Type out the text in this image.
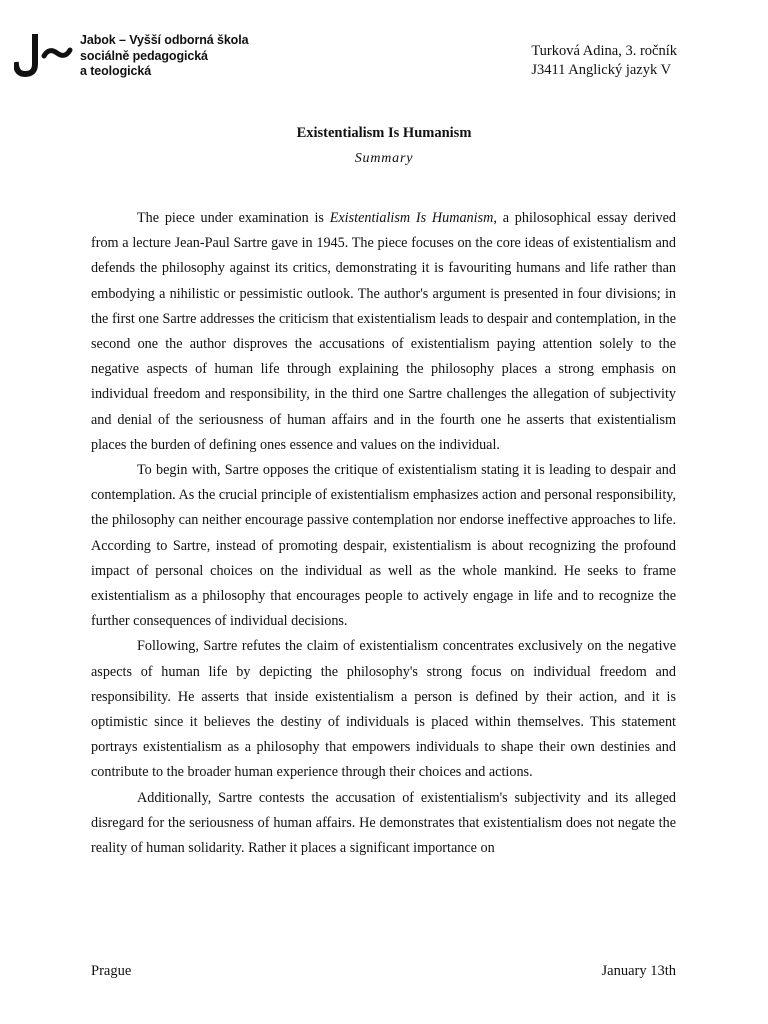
Jabok – Vyšší odborná škola
sociálně pedagogická
a teologická
Turková Adina, 3. ročník
J3411 Anglický jazyk V
Existentialism Is Humanism
Summary

The piece under examination is Existentialism Is Humanism, a philosophical essay derived from a lecture Jean-Paul Sartre gave in 1945. The piece focuses on the core ideas of existentialism and defends the philosophy against its critics, demonstrating it is favouriting humans and life rather than embodying a nihilistic or pessimistic outlook. The author's argument is presented in four divisions; in the first one Sartre addresses the criticism that existentialism leads to despair and contemplation, in the second one the author disproves the accusations of existentialism paying attention solely to the negative aspects of human life through explaining the philosophy places a strong emphasis on individual freedom and responsibility, in the third one Sartre challenges the allegation of subjectivity and denial of the seriousness of human affairs and in the fourth one he asserts that existentialism places the burden of defining ones essence and values on the individual.

To begin with, Sartre opposes the critique of existentialism stating it is leading to despair and contemplation. As the crucial principle of existentialism emphasizes action and personal responsibility, the philosophy can neither encourage passive contemplation nor endorse ineffective approaches to life. According to Sartre, instead of promoting despair, existentialism is about recognizing the profound impact of personal choices on the individual as well as the whole mankind. He seeks to frame existentialism as a philosophy that encourages people to actively engage in life and to recognize the further consequences of individual decisions.

Following, Sartre refutes the claim of existentialism concentrates exclusively on the negative aspects of human life by depicting the philosophy's strong focus on individual freedom and responsibility. He asserts that inside existentialism a person is defined by their action, and it is optimistic since it believes the destiny of individuals is placed within themselves. This statement portrays existentialism as a philosophy that empowers individuals to shape their own destinies and contribute to the broader human experience through their choices and actions.

Additionally, Sartre contests the accusation of existentialism's subjectivity and its alleged disregard for the seriousness of human affairs. He demonstrates that existentialism does not negate the reality of human solidarity. Rather it places a significant importance on

Prague	January 13th
